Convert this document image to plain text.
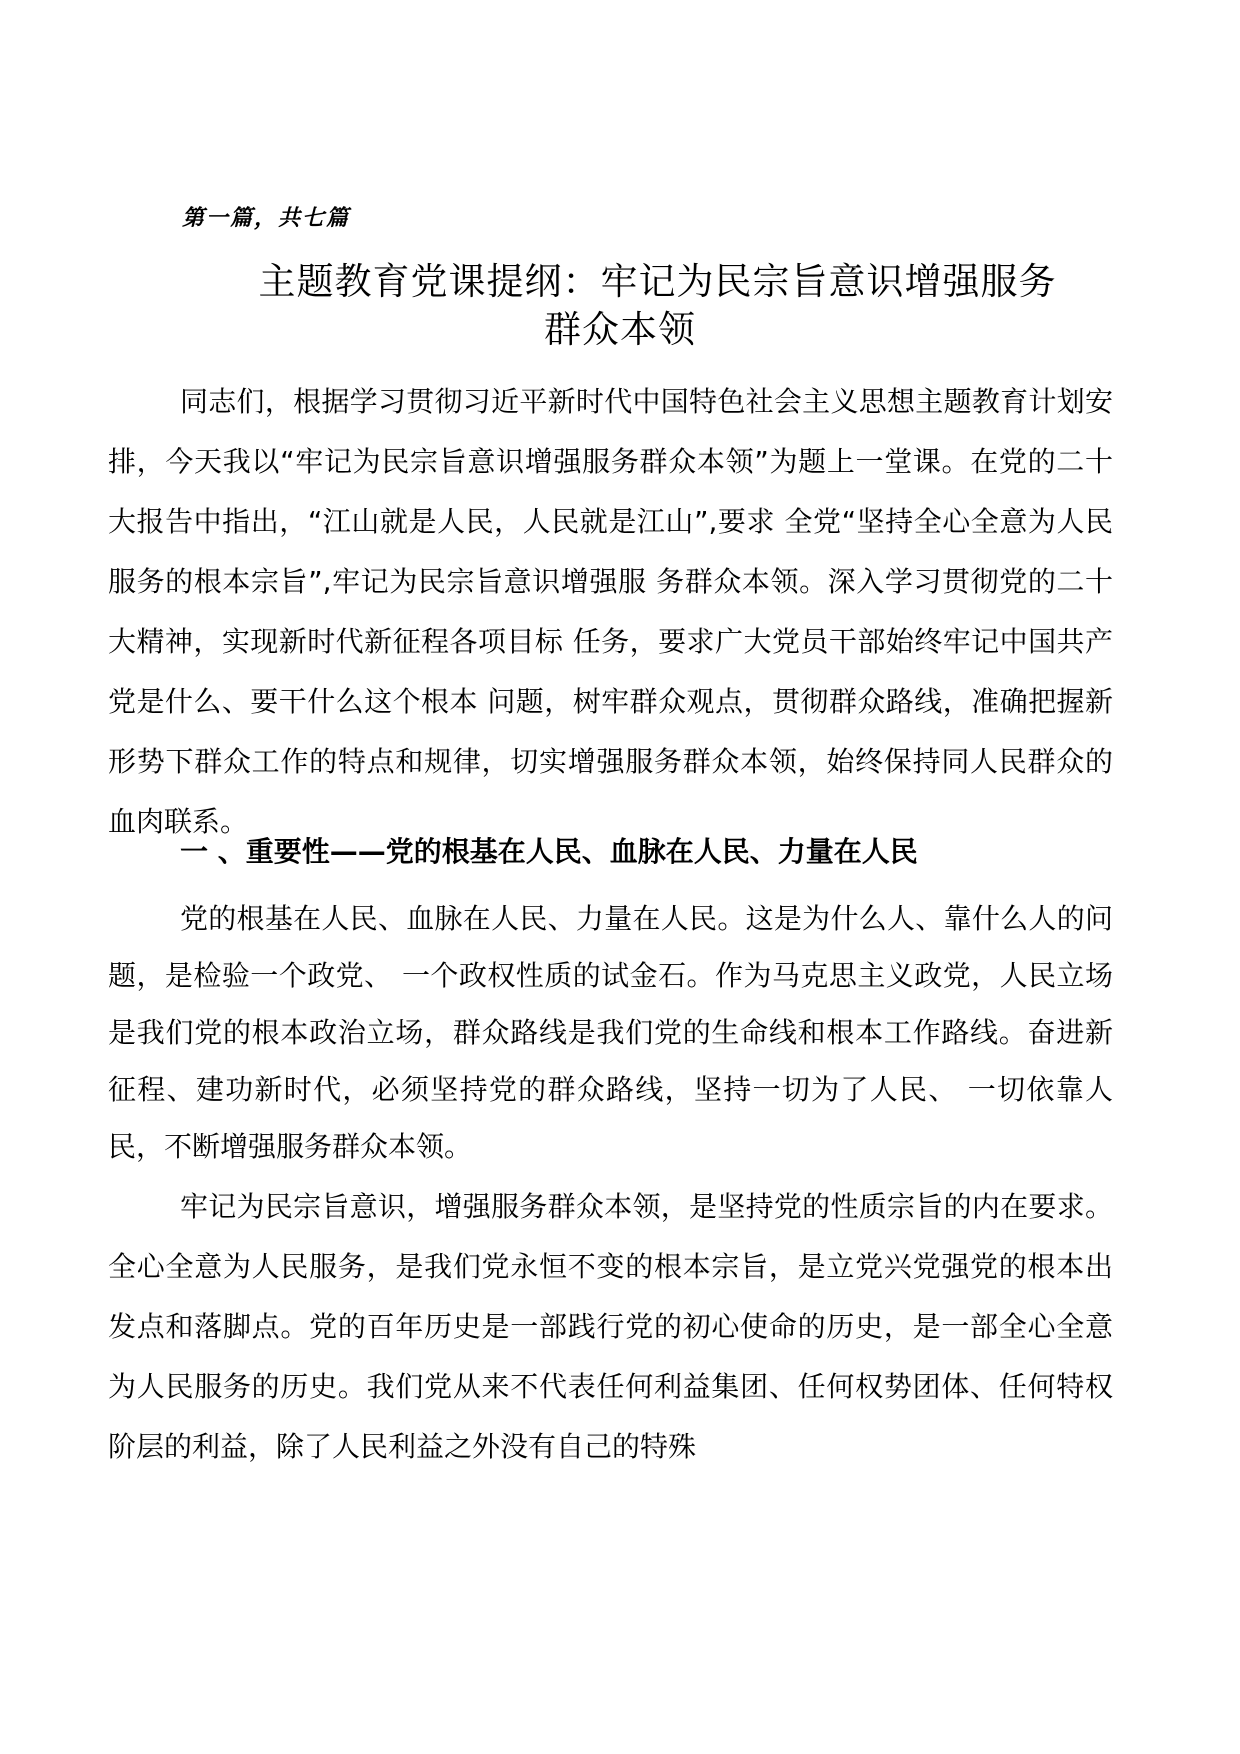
第一篇，共七篇
主题教育党课提纲：牢记为民宗旨意识增强服务
群众本领

同志们，根据学习贯彻习近平新时代中国特色社会主义思想主题教育计划安排，今天我以“牢记为民宗旨意识增强服务群众本领”为题上一堂课。在党的二十大报告中指出，“江山就是人民，人民就是江山”,要求 全党“坚持全心全意为人民服务的根本宗旨”,牢记为民宗旨意识增强服 务群众本领。深入学习贯彻党的二十大精神，实现新时代新征程各项目标 任务，要求广大党员干部始终牢记中国共产党是什么、要干什么这个根本 问题，树牢群众观点，贯彻群众路线，准确把握新形势下群众工作的特点和规律，切实增强服务群众本领，始终保持同人民群众的血肉联系。

一 、重要性——党的根基在人民、血脉在人民、力量在人民

党的根基在人民、血脉在人民、力量在人民。这是为什么人、靠什么人的问题，是检验一个政党、 一个政权性质的试金石。作为马克思主义政党，人民立场是我们党的根本政治立场，群众路线是我们党的生命线和根本工作路线。奋进新征程、建功新时代，必须坚持党的群众路线，坚持一切为了人民、 一切依靠人民，不断增强服务群众本领。

牢记为民宗旨意识，增强服务群众本领，是坚持党的性质宗旨的内在要求。全心全意为人民服务，是我们党永恒不变的根本宗旨，是立党兴党强党的根本出发点和落脚点。党的百年历史是一部践行党的初心使命的历史，是一部全心全意为人民服务的历史。我们党从来不代表任何利益集团、任何权势团体、任何特权阶层的利益，除了人民利益之外没有自己的特殊
